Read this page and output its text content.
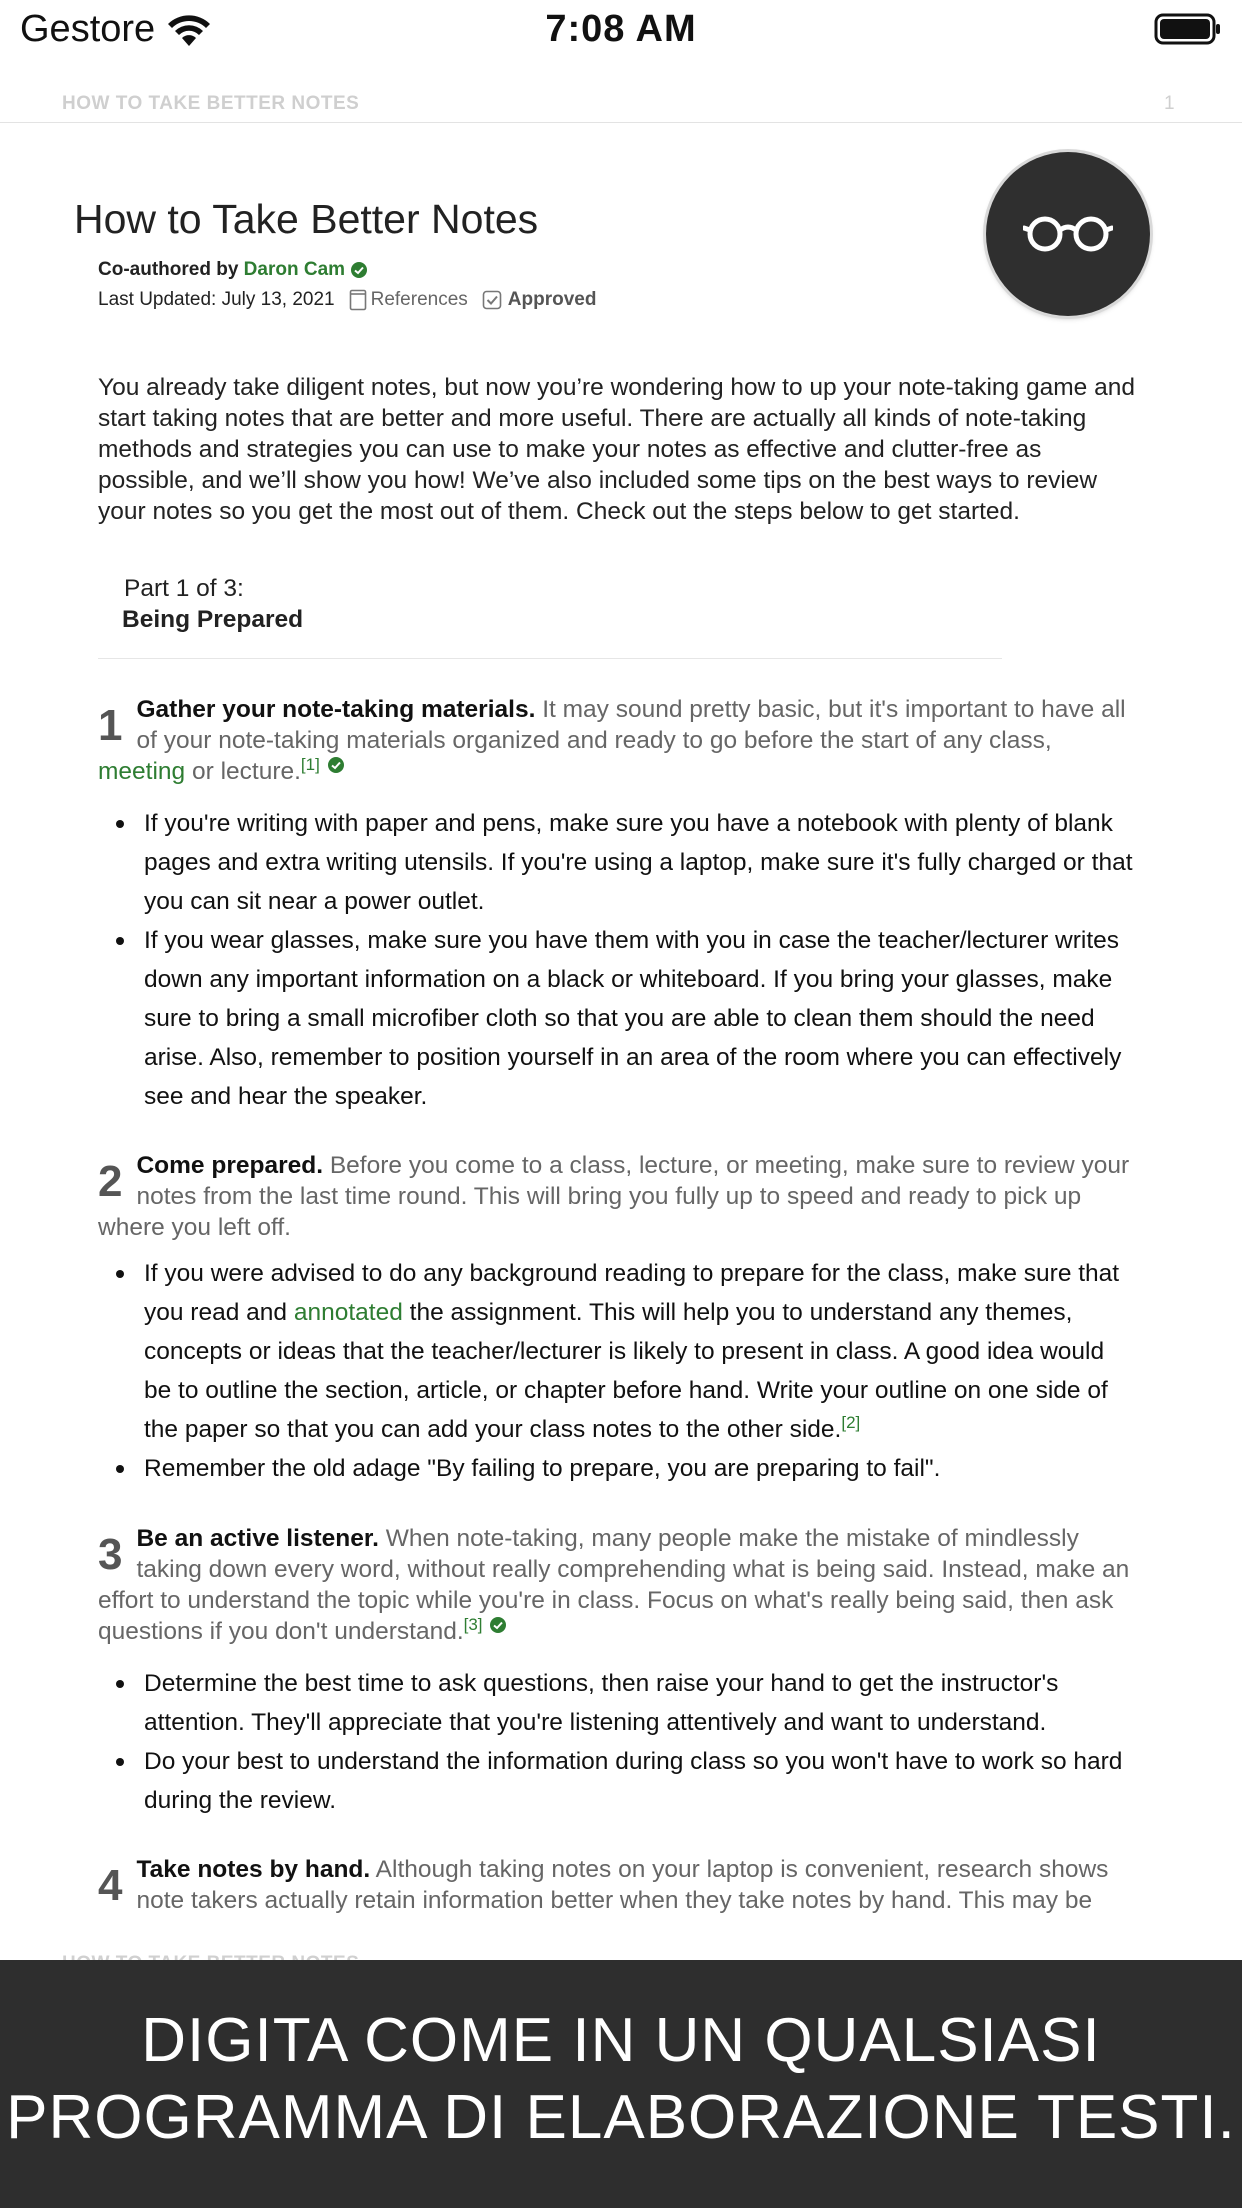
Gestore	7:08 AM
HOW TO TAKE BETTER NOTES	1
How to Take Better Notes
Co-authored by Daron Cam
Last Updated: July 13, 2021 References Approved
You already take diligent notes, but now you’re wondering how to up your note-taking game and start taking notes that are better and more useful. There are actually all kinds of note-taking methods and strategies you can use to make your notes as effective and clutter-free as possible, and we’ll show you how! We’ve also included some tips on the best ways to review your notes so you get the most out of them. Check out the steps below to get started.
Part 1 of 3:
Being Prepared
1 Gather your note-taking materials. It may sound pretty basic, but it's important to have all of your note-taking materials organized and ready to go before the start of any class, meeting or lecture.[1]
If you're writing with paper and pens, make sure you have a notebook with plenty of blank pages and extra writing utensils. If you're using a laptop, make sure it's fully charged or that you can sit near a power outlet.
If you wear glasses, make sure you have them with you in case the teacher/lecturer writes down any important information on a black or whiteboard. If you bring your glasses, make sure to bring a small microfiber cloth so that you are able to clean them should the need arise. Also, remember to position yourself in an area of the room where you can effectively see and hear the speaker.
2 Come prepared. Before you come to a class, lecture, or meeting, make sure to review your notes from the last time round. This will bring you fully up to speed and ready to pick up where you left off.
If you were advised to do any background reading to prepare for the class, make sure that you read and annotated the assignment. This will help you to understand any themes, concepts or ideas that the teacher/lecturer is likely to present in class. A good idea would be to outline the section, article, or chapter before hand. Write your outline on one side of the paper so that you can add your class notes to the other side.[2]
Remember the old adage "By failing to prepare, you are preparing to fail".
3 Be an active listener. When note-taking, many people make the mistake of mindlessly taking down every word, without really comprehending what is being said. Instead, make an effort to understand the topic while you're in class. Focus on what's really being said, then ask questions if you don't understand.[3]
Determine the best time to ask questions, then raise your hand to get the instructor's attention. They'll appreciate that you're listening attentively and want to understand.
Do your best to understand the information during class so you won't have to work so hard during the review.
4 Take notes by hand. Although taking notes on your laptop is convenient, research shows note takers actually retain information better when they take notes by hand. This may be
DIGITA COME IN UN QUALSIASI
PROGRAMMA DI ELABORAZIONE TESTI.
